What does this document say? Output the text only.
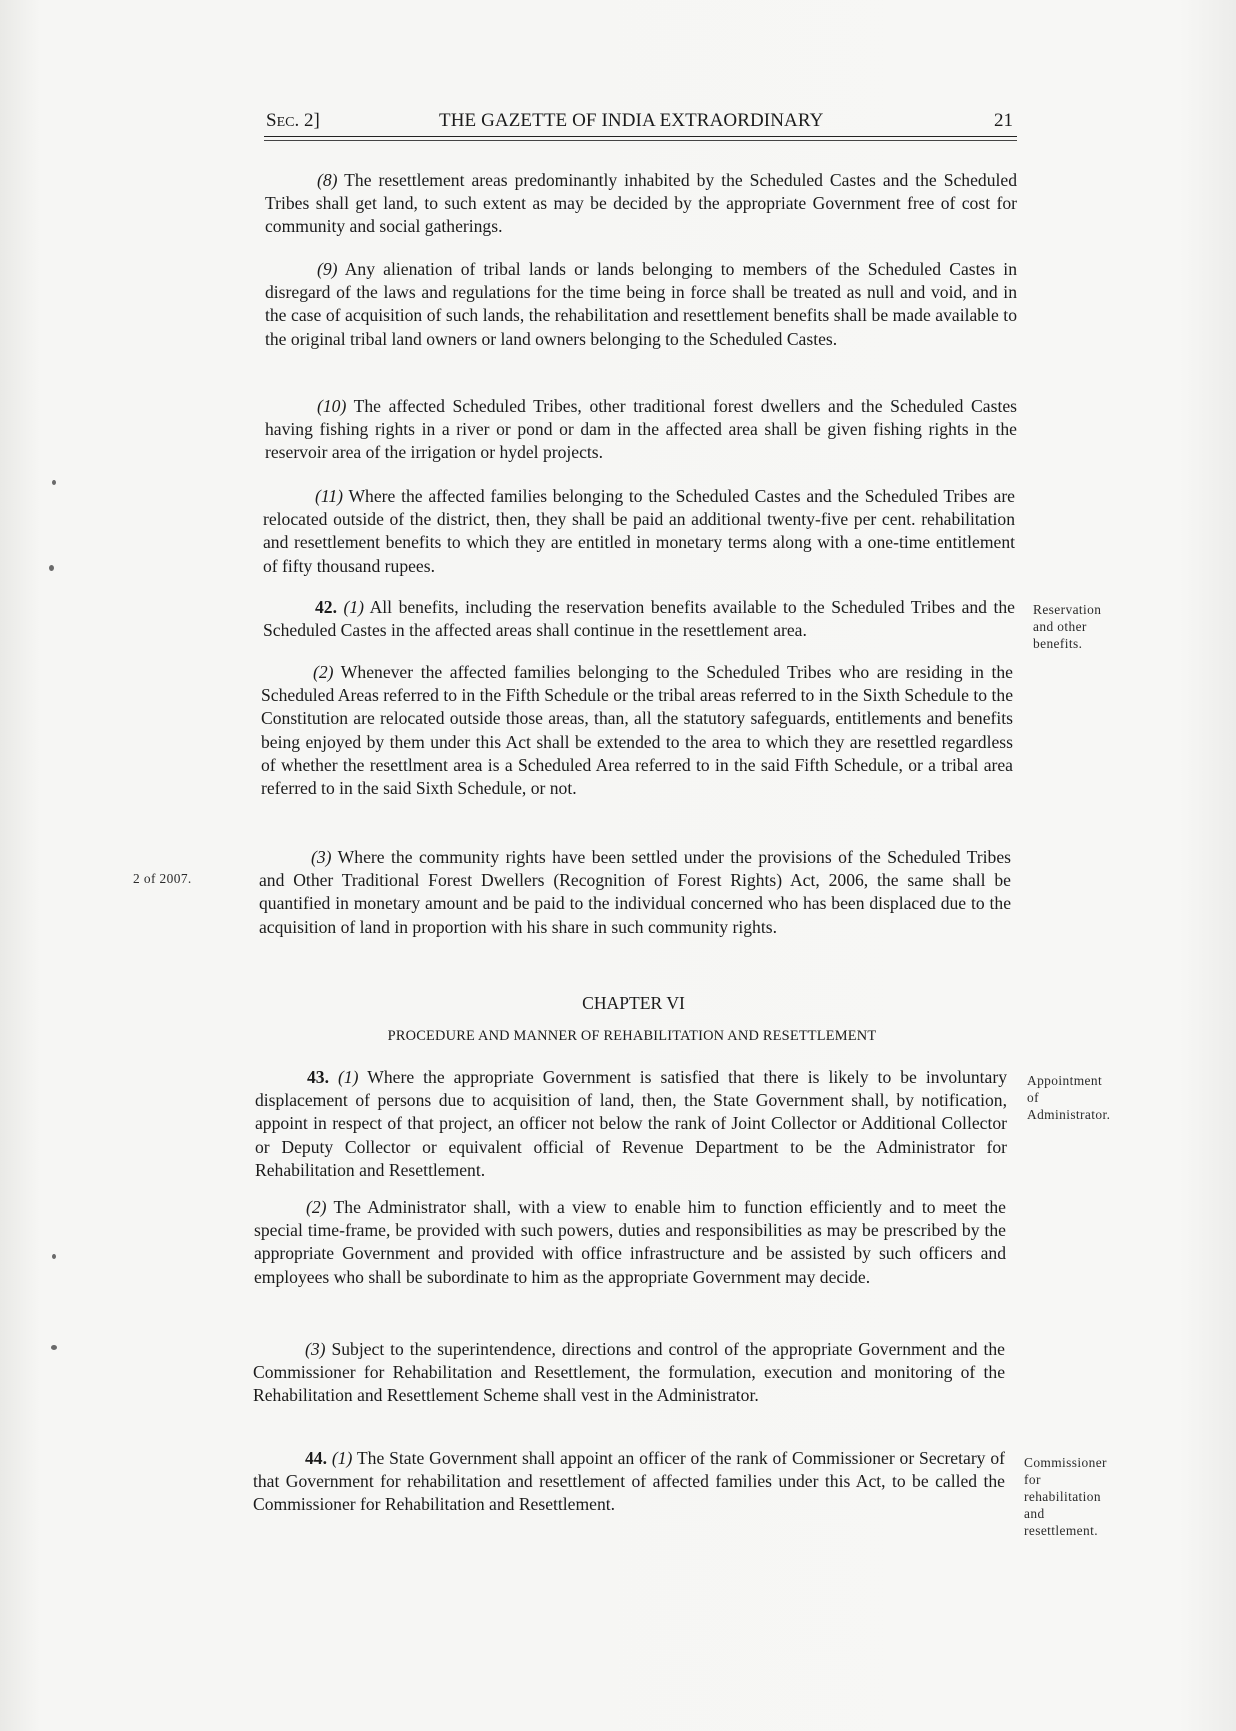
SEC. 2]	THE GAZETTE OF INDIA EXTRAORDINARY	21

(8) The resettlement areas predominantly inhabited by the Scheduled Castes and the Scheduled Tribes shall get land, to such extent as may be decided by the appropriate Government free of cost for community and social gatherings.

(9) Any alienation of tribal lands or lands belonging to members of the Scheduled Castes in disregard of the laws and regulations for the time being in force shall be treated as null and void, and in the case of acquisition of such lands, the rehabilitation and resettlement benefits shall be made available to the original tribal land owners or land owners belonging to the Scheduled Castes.

(10) The affected Scheduled Tribes, other traditional forest dwellers and the Scheduled Castes having fishing rights in a river or pond or dam in the affected area shall be given fishing rights in the reservoir area of the irrigation or hydel projects.

(11) Where the affected families belonging to the Scheduled Castes and the Scheduled Tribes are relocated outside of the district, then, they shall be paid an additional twenty-five per cent. rehabilitation and resettlement benefits to which they are entitled in monetary terms along with a one-time entitlement of fifty thousand rupees.

42. (1) All benefits, including the reservation benefits available to the Scheduled Tribes and the Scheduled Castes in the affected areas shall continue in the resettlement area.

(2) Whenever the affected families belonging to the Scheduled Tribes who are residing in the Scheduled Areas referred to in the Fifth Schedule or the tribal areas referred to in the Sixth Schedule to the Constitution are relocated outside those areas, than, all the statutory safeguards, entitlements and benefits being enjoyed by them under this Act shall be extended to the area to which they are resettled regardless of whether the resettlment area is a Scheduled Area referred to in the said Fifth Schedule, or a tribal area referred to in the said Sixth Schedule, or not.

(3) Where the community rights have been settled under the provisions of the Scheduled Tribes and Other Traditional Forest Dwellers (Recognition of Forest Rights) Act, 2006, the same shall be quantified in monetary amount and be paid to the individual concerned who has been displaced due to the acquisition of land in proportion with his share in such community rights.

CHAPTER VI
PROCEDURE AND MANNER OF REHABILITATION AND RESETTLEMENT

43. (1) Where the appropriate Government is satisfied that there is likely to be involuntary displacement of persons due to acquisition of land, then, the State Government shall, by notification, appoint in respect of that project, an officer not below the rank of Joint Collector or Additional Collector or Deputy Collector or equivalent official of Revenue Department to be the Administrator for Rehabilitation and Resettlement.

(2) The Administrator shall, with a view to enable him to function efficiently and to meet the special time-frame, be provided with such powers, duties and responsibilities as may be prescribed by the appropriate Government and provided with office infrastructure and be assisted by such officers and employees who shall be subordinate to him as the appropriate Government may decide.

(3) Subject to the superintendence, directions and control of the appropriate Government and the Commissioner for Rehabilitation and Resettlement, the formulation, execution and monitoring of the Rehabilitation and Resettlement Scheme shall vest in the Administrator.

44. (1) The State Government shall appoint an officer of the rank of Commissioner or Secretary of that Government for rehabilitation and resettlement of affected families under this Act, to be called the Commissioner for Rehabilitation and Resettlement.

2 of 2007.
Reservation
and other
benefits.
Appointment
of
Administrator.
Commissioner
for
rehabilitation
and
resettlement.
